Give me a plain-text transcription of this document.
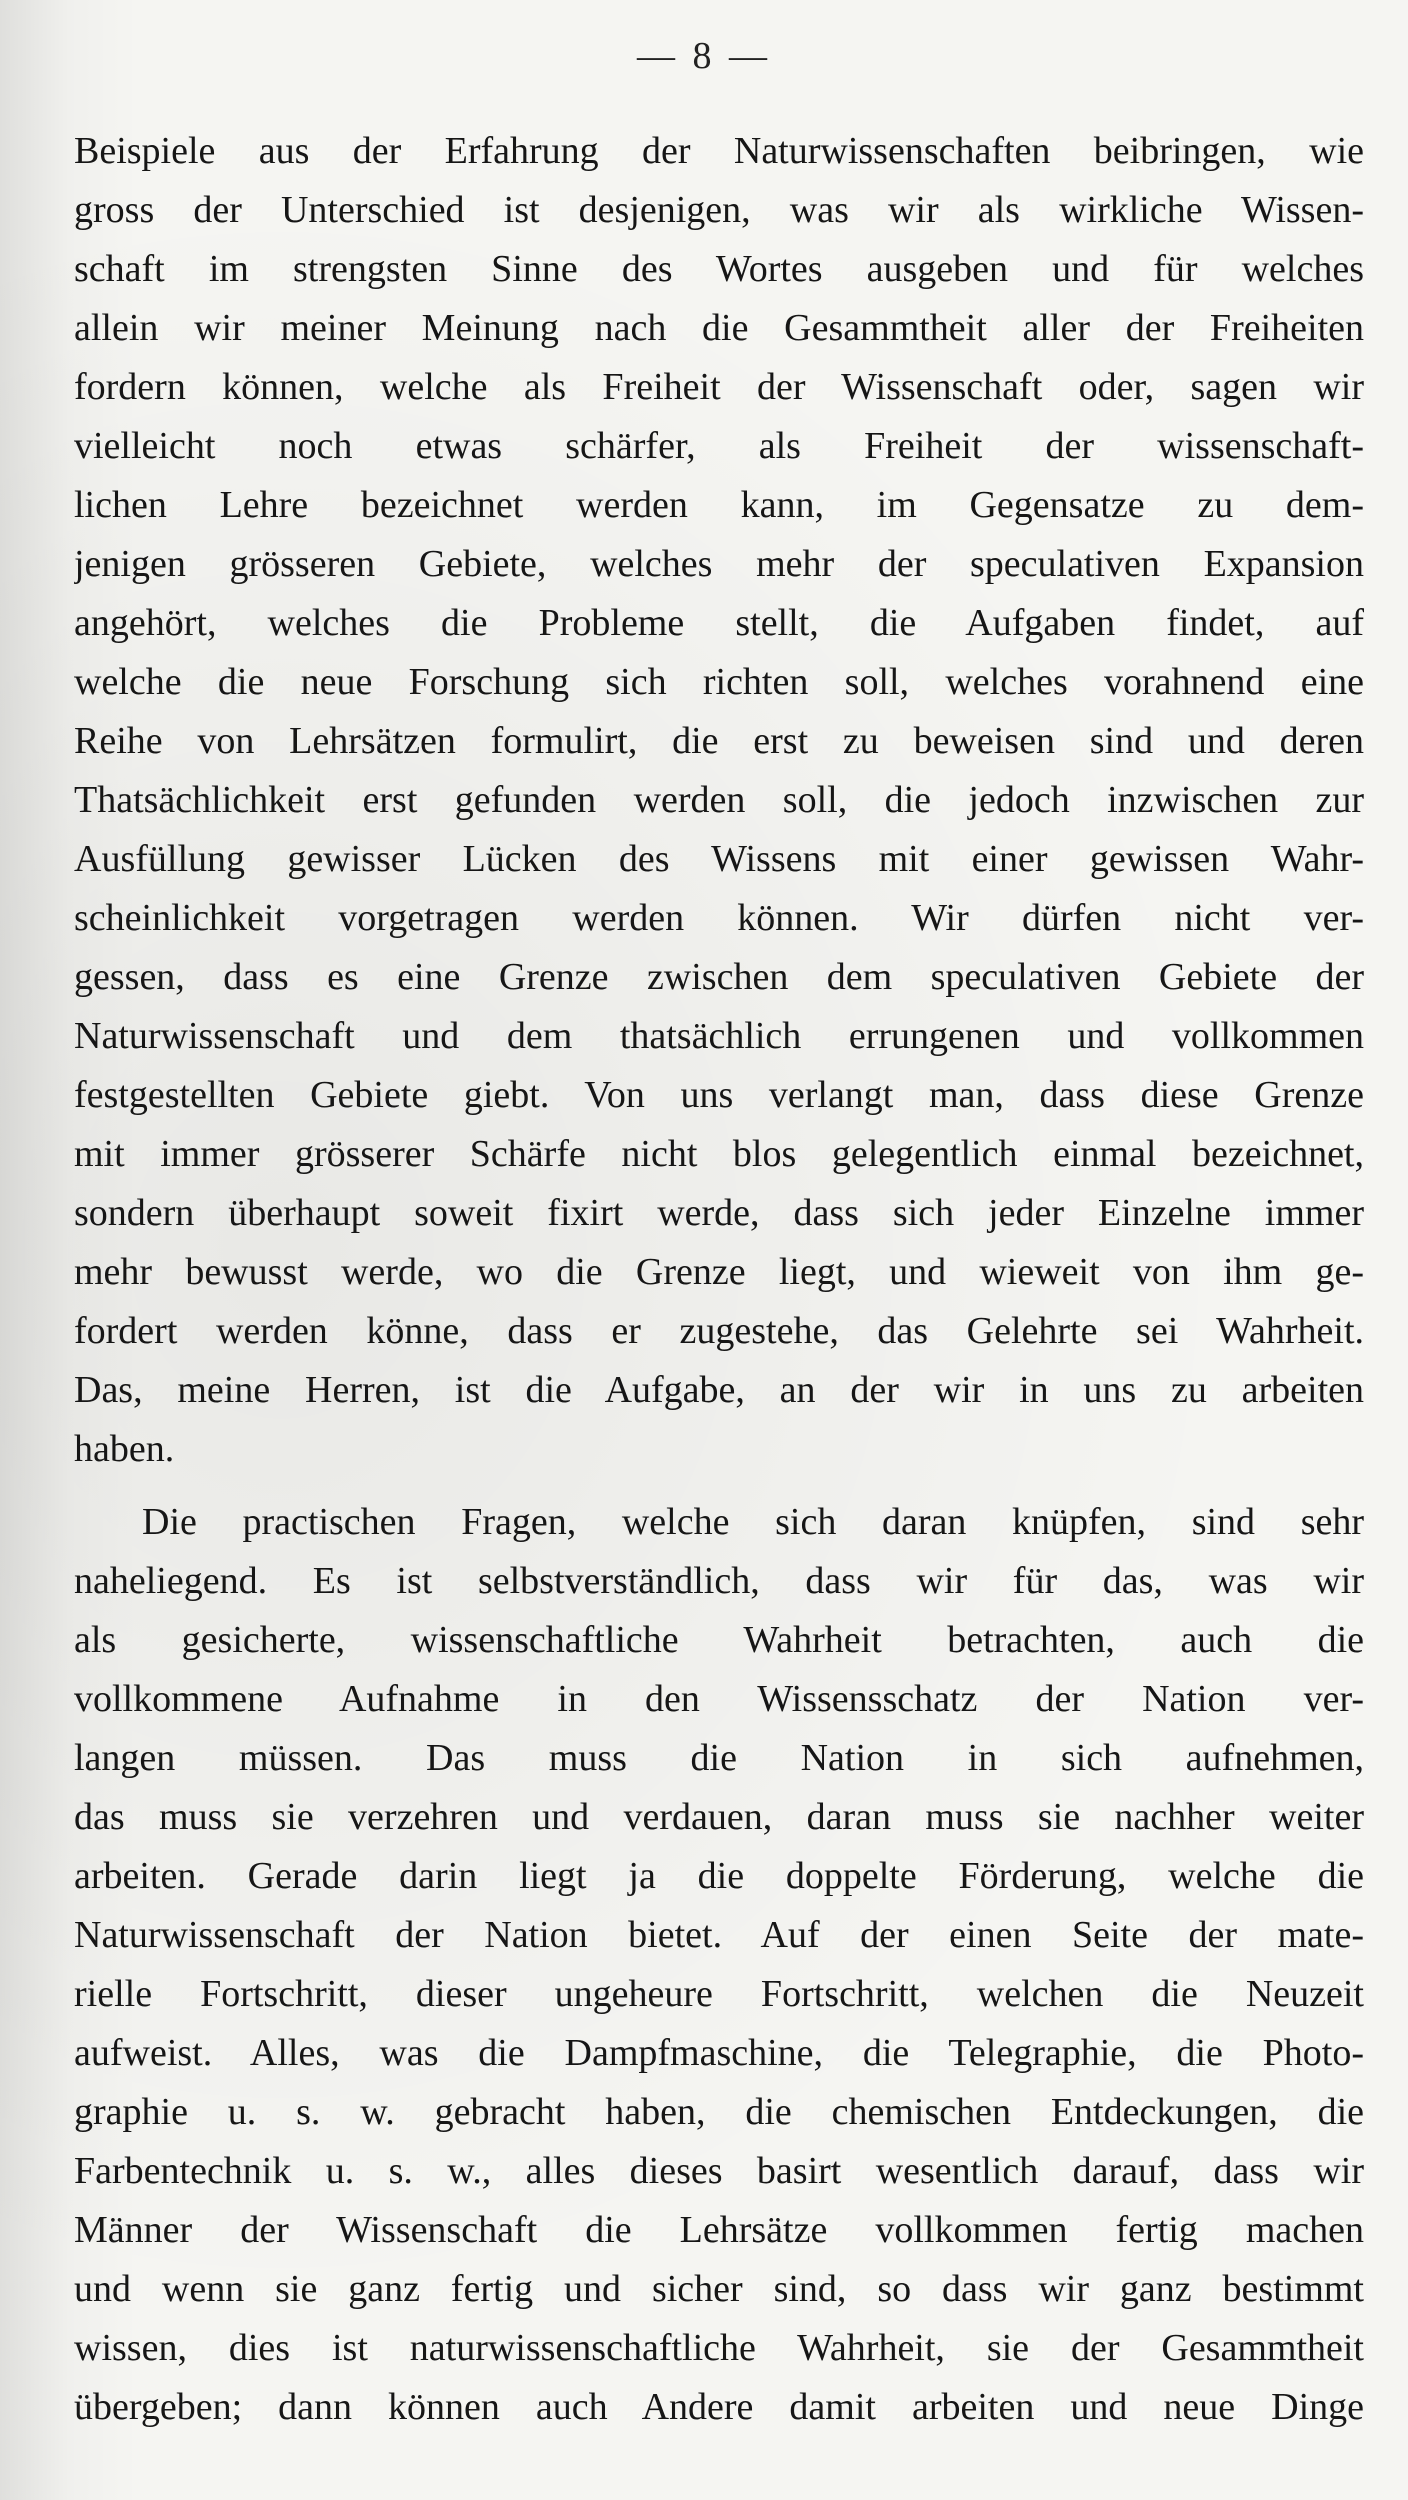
— 8 —
Beispiele aus der Erfahrung der Naturwissenschaften beibringen, wie
gross der Unterschied ist desjenigen, was wir als wirkliche Wissen-
schaft im strengsten Sinne des Wortes ausgeben und für welches
allein wir meiner Meinung nach die Gesammtheit aller der Freiheiten
fordern können, welche als Freiheit der Wissenschaft oder, sagen wir
vielleicht noch etwas schärfer, als Freiheit der wissenschaft-
lichen Lehre bezeichnet werden kann, im Gegensatze zu dem-
jenigen grösseren Gebiete, welches mehr der speculativen Expansion
angehört, welches die Probleme stellt, die Aufgaben findet, auf
welche die neue Forschung sich richten soll, welches vorahnend eine
Reihe von Lehrsätzen formulirt, die erst zu beweisen sind und deren
Thatsächlichkeit erst gefunden werden soll, die jedoch inzwischen zur
Ausfüllung gewisser Lücken des Wissens mit einer gewissen Wahr-
scheinlichkeit vorgetragen werden können. Wir dürfen nicht ver-
gessen, dass es eine Grenze zwischen dem speculativen Gebiete der
Naturwissenschaft und dem thatsächlich errungenen und vollkommen
festgestellten Gebiete giebt. Von uns verlangt man, dass diese Grenze
mit immer grösserer Schärfe nicht blos gelegentlich einmal bezeichnet,
sondern überhaupt soweit fixirt werde, dass sich jeder Einzelne immer
mehr bewusst werde, wo die Grenze liegt, und wieweit von ihm ge-
fordert werden könne, dass er zugestehe, das Gelehrte sei Wahrheit.
Das, meine Herren, ist die Aufgabe, an der wir in uns zu arbeiten
haben.
Die practischen Fragen, welche sich daran knüpfen, sind sehr
naheliegend. Es ist selbstverständlich, dass wir für das, was wir
als gesicherte, wissenschaftliche Wahrheit betrachten, auch die
vollkommene Aufnahme in den Wissensschatz der Nation ver-
langen müssen. Das muss die Nation in sich aufnehmen,
das muss sie verzehren und verdauen, daran muss sie nachher weiter
arbeiten. Gerade darin liegt ja die doppelte Förderung, welche die
Naturwissenschaft der Nation bietet. Auf der einen Seite der mate-
rielle Fortschritt, dieser ungeheure Fortschritt, welchen die Neuzeit
aufweist. Alles, was die Dampfmaschine, die Telegraphie, die Photo-
graphie u. s. w. gebracht haben, die chemischen Entdeckungen, die
Farbentechnik u. s. w., alles dieses basirt wesentlich darauf, dass wir
Männer der Wissenschaft die Lehrsätze vollkommen fertig machen
und wenn sie ganz fertig und sicher sind, so dass wir ganz bestimmt
wissen, dies ist naturwissenschaftliche Wahrheit, sie der Gesammtheit
übergeben; dann können auch Andere damit arbeiten und neue Dinge
